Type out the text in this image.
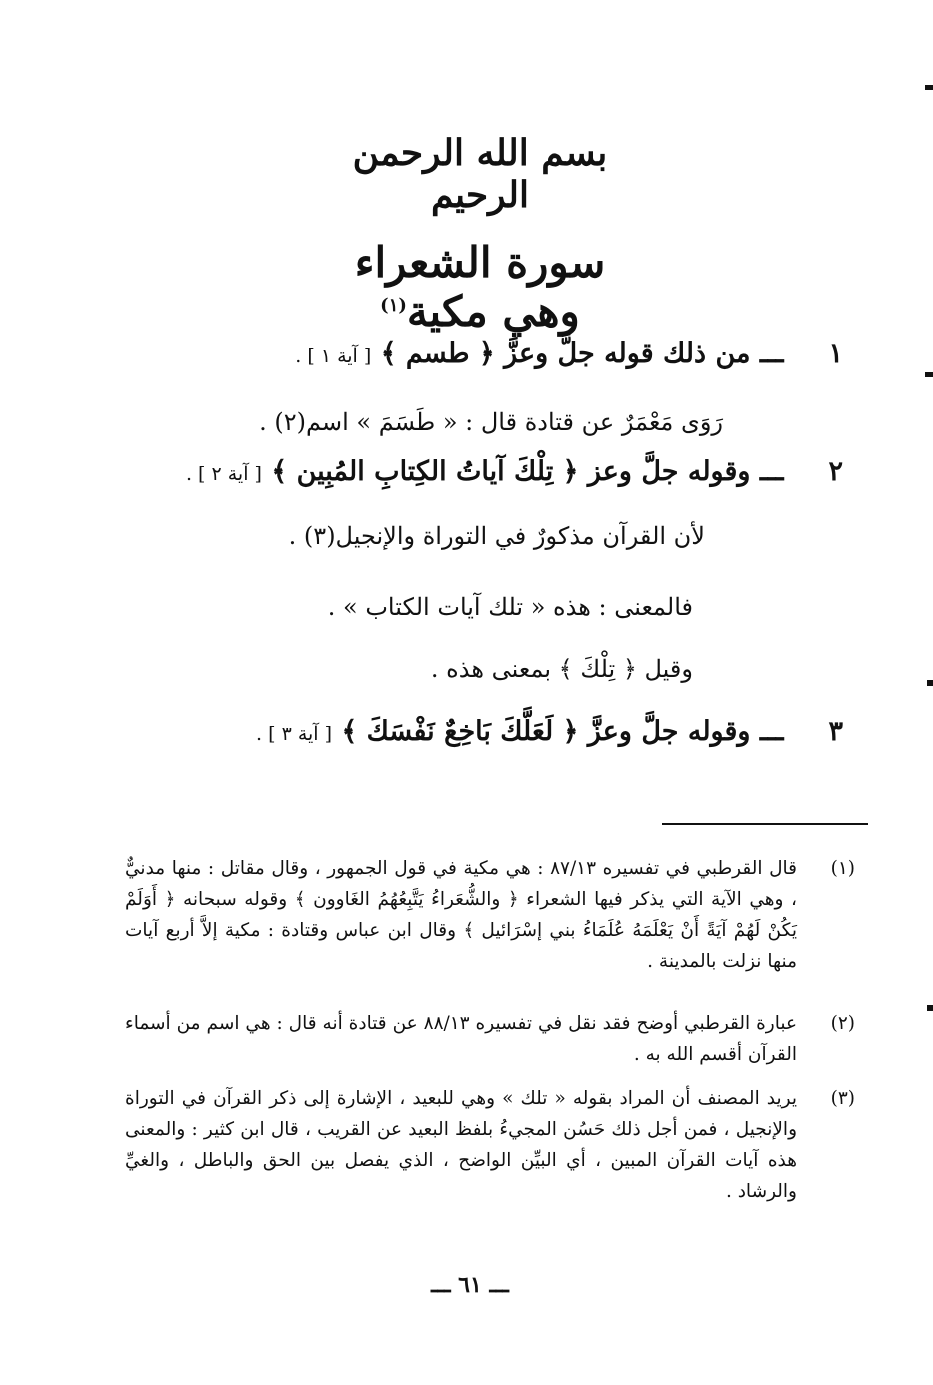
بسم الله الرحمن الرحيم
سورة الشعراء وهي مكية$^{(١)}$
١ ـــ من ذلك قوله جلَّ وعزَّ ﴿ طسم ﴾ [ آية ١ ] .
رَوَى مَعْمَرٌ عن قتادة قال : « طَسَمَ » اسم(٢) .
٢ ـــ وقوله جلَّ وعز ﴿ تِلْكَ آياتُ الكِتابِ المُبِين ﴾ [ آية ٢ ] .
لأن القرآن مذكورٌ في التوراة والإنجيل(٣) .
فالمعنى : هذه « تلك آيات الكتاب » .
وقيل ﴿ تِلْكَ ﴾ بمعنى هذه .
٣ ـــ وقوله جلَّ وعزَّ ﴿ لَعَلَّكَ بَاخِعٌ نَفْسَكَ ﴾ [ آية ٣ ] .
(١)
قال القرطبي في تفسيره ٨٧/١٣ : هي مكية في قول الجمهور ، وقال مقاتل : منها مدنيٌّ ، وهي الآية التي يذكر فيها الشعراء ﴿ والشُّعَراءُ يَتَّبِعُهُمُ الغَاوون ﴾ وقوله سبحانه ﴿ أَوَلَمْ يَكُنْ لَهُمْ آيَةً أَنْ يَعْلَمَهُ عُلَمَاءُ بني إسْرَائيل ﴾ وقال ابن عباس وقتادة : مكية إلاَّ أربع آيات منها نزلت بالمدينة .
(٢)
عبارة القرطبي أوضح فقد نقل في تفسيره ٨٨/١٣ عن قتادة أنه قال : هي اسم من أسماء القرآن أقسم الله به .
(٣)
يريد المصنف أن المراد بقوله « تلك » وهي للبعيد ، الإشارة إلى ذكر القرآن في التوراة والإنجيل ، فمن أجل ذلك حَسُن المجيءُ بلفظ البعيد عن القريب ، قال ابن كثير : والمعنى هذه آيات القرآن المبين ، أي البيِّن الواضح ، الذي يفصل بين الحق والباطل ، والغيِّ والرشاد .
ـــ ٦١ ـــ
